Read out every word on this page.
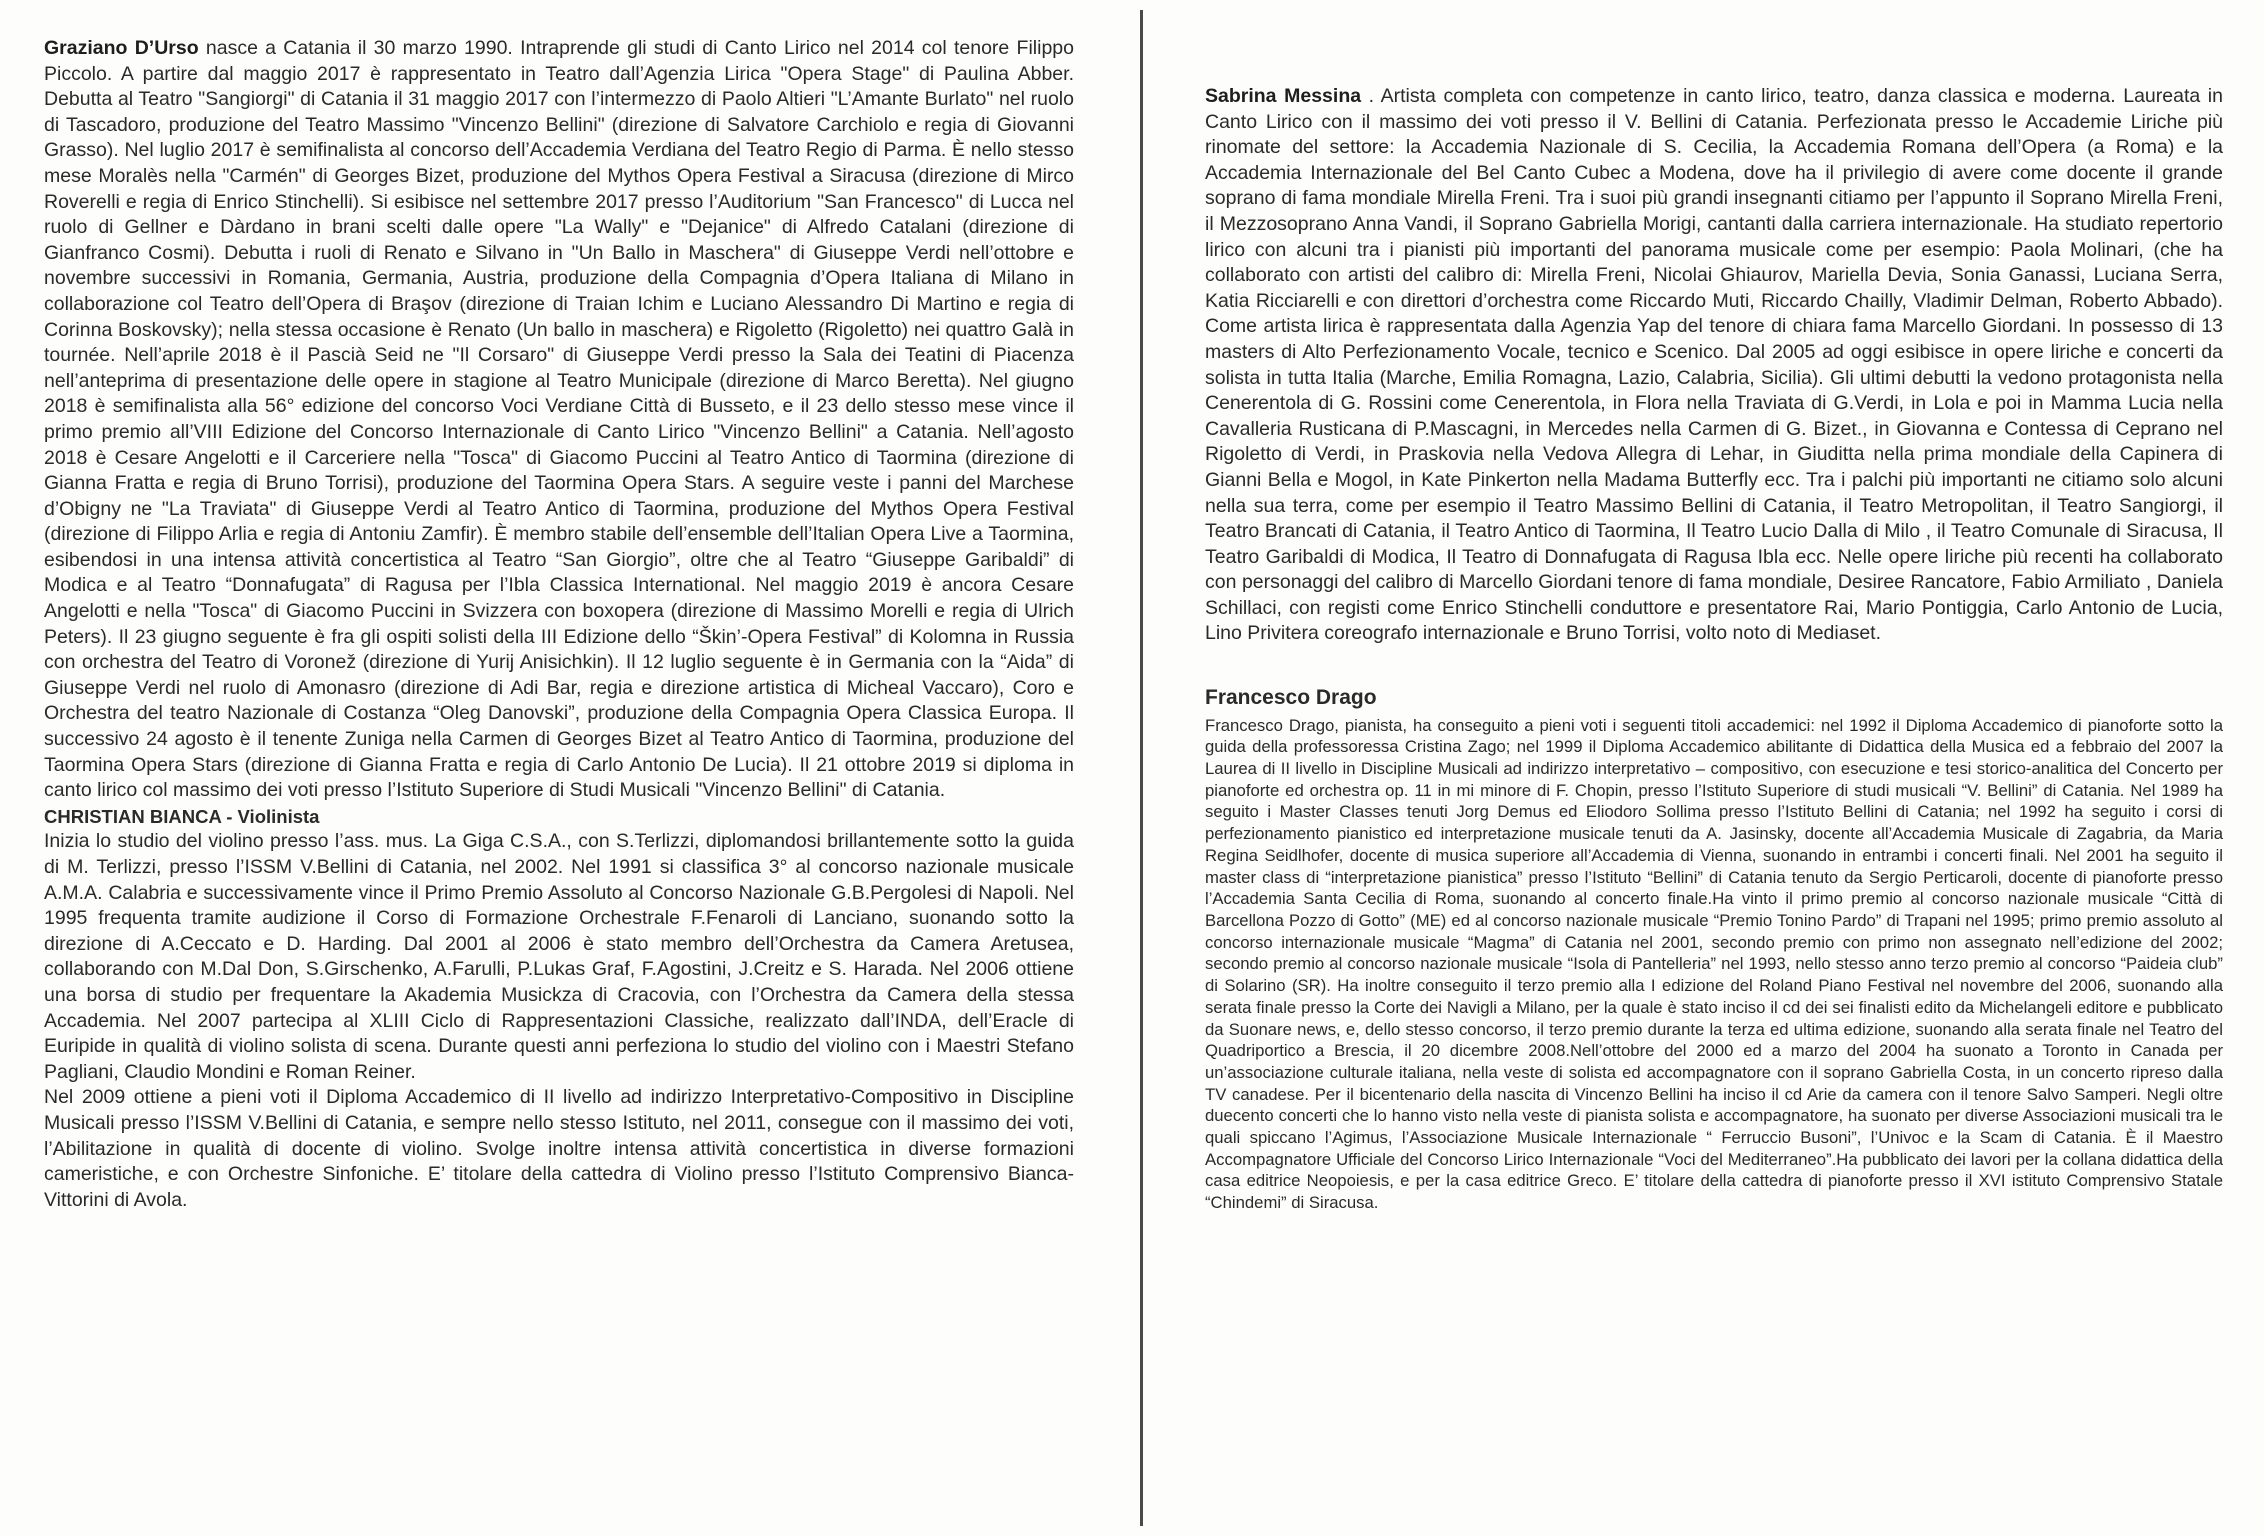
Graziano D’Urso nasce a Catania il 30 marzo 1990. Intraprende gli studi di Canto Lirico nel 2014 col tenore Filippo Piccolo. A partire dal maggio 2017 è rappresentato in Teatro dall’Agenzia Lirica "Opera Stage" di Paulina Abber. Debutta al Teatro "Sangiorgi" di Catania il 31 maggio 2017 con l’intermezzo di Paolo Altieri "L’Amante Burlato" nel ruolo di Tascadoro, produzione del Teatro Massimo "Vincenzo Bellini" (direzione di Salvatore Carchiolo e regia di Giovanni Grasso). Nel luglio 2017 è semifinalista al concorso dell’Accademia Verdiana del Teatro Regio di Parma. È nello stesso mese Moralès nella "Carmén" di Georges Bizet, produzione del Mythos Opera Festival a Siracusa (direzione di Mirco Roverelli e regia di Enrico Stinchelli). Si esibisce nel settembre 2017 presso l’Auditorium "San Francesco" di Lucca nel ruolo di Gellner e Dàrdano in brani scelti dalle opere "La Wally" e "Dejanice" di Alfredo Catalani (direzione di Gianfranco Cosmi). Debutta i ruoli di Renato e Silvano in "Un Ballo in Maschera" di Giuseppe Verdi nell’ottobre e novembre successivi in Romania, Germania, Austria, produzione della Compagnia d’Opera Italiana di Milano in collaborazione col Teatro dell’Opera di Braşov (direzione di Traian Ichim e Luciano Alessandro Di Martino e regia di Corinna Boskovsky); nella stessa occasione è Renato (Un ballo in maschera) e Rigoletto (Rigoletto) nei quattro Galà in tournée. Nell’aprile 2018 è il Pascià Seid ne "Il Corsaro" di Giuseppe Verdi presso la Sala dei Teatini di Piacenza nell’anteprima di presentazione delle opere in stagione al Teatro Municipale (direzione di Marco Beretta). Nel giugno 2018 è semifinalista alla 56° edizione del concorso Voci Verdiane Città di Busseto, e il 23 dello stesso mese vince il primo premio all’VIII Edizione del Concorso Internazionale di Canto Lirico "Vincenzo Bellini" a Catania. Nell’agosto 2018 è Cesare Angelotti e il Carceriere nella "Tosca" di Giacomo Puccini al Teatro Antico di Taormina (direzione di Gianna Fratta e regia di Bruno Torrisi), produzione del Taormina Opera Stars. A seguire veste i panni del Marchese d’Obigny ne "La Traviata" di Giuseppe Verdi al Teatro Antico di Taormina, produzione del Mythos Opera Festival (direzione di Filippo Arlia e regia di Antoniu Zamfir). È membro stabile dell’ensemble dell’Italian Opera Live a Taormina, esibendosi in una intensa attività concertistica al Teatro “San Giorgio”, oltre che al Teatro “Giuseppe Garibaldi” di Modica e al Teatro “Donnafugata” di Ragusa per l’Ibla Classica International. Nel maggio 2019 è ancora Cesare Angelotti e nella "Tosca" di Giacomo Puccini in Svizzera con boxopera (direzione di Massimo Morelli e regia di Ulrich Peters). Il 23 giugno seguente è fra gli ospiti solisti della III Edizione dello “Škin’-Opera Festival” di Kolomna in Russia con orchestra del Teatro di Voronež (direzione di Yurij Anisichkin). Il 12 luglio seguente è in Germania con la “Aida” di Giuseppe Verdi nel ruolo di Amonasro (direzione di Adi Bar, regia e direzione artistica di Micheal Vaccaro), Coro e Orchestra del teatro Nazionale di Costanza “Oleg Danovski”, produzione della Compagnia Opera Classica Europa. Il successivo 24 agosto è il tenente Zuniga nella Carmen di Georges Bizet al Teatro Antico di Taormina, produzione del Taormina Opera Stars (direzione di Gianna Fratta e regia di Carlo Antonio De Lucia). Il 21 ottobre 2019 si diploma in canto lirico col massimo dei voti presso l’Istituto Superiore di Studi Musicali "Vincenzo Bellini" di Catania.

CHRISTIAN BIANCA - Violinista

Inizia lo studio del violino presso l’ass. mus. La Giga C.S.A., con S.Terlizzi, diplomandosi brillantemente sotto la guida di M. Terlizzi, presso l’ISSM V.Bellini di Catania, nel 2002. Nel 1991 si classifica 3° al concorso nazionale musicale A.M.A. Calabria e successivamente vince il Primo Premio Assoluto al Concorso Nazionale G.B.Pergolesi di Napoli. Nel 1995 frequenta tramite audizione il Corso di Formazione Orchestrale F.Fenaroli di Lanciano, suonando sotto la direzione di A.Ceccato e D. Harding. Dal 2001 al 2006 è stato membro dell’Orchestra da Camera Aretusea, collaborando con M.Dal Don, S.Girschenko, A.Farulli, P.Lukas Graf, F.Agostini, J.Creitz e S. Harada. Nel 2006 ottiene una borsa di studio per frequentare la Akademia Musickza di Cracovia, con l’Orchestra da Camera della stessa Accademia. Nel 2007 partecipa al XLIII Ciclo di Rappresentazioni Classiche, realizzato dall’INDA, dell’Eracle di Euripide in qualità di violino solista di scena. Durante questi anni perfeziona lo studio del violino con i Maestri Stefano Pagliani, Claudio Mondini e Roman Reiner.

Nel 2009 ottiene a pieni voti il Diploma Accademico di II livello ad indirizzo Interpretativo-Compositivo in Discipline Musicali presso l’ISSM V.Bellini di Catania, e sempre nello stesso Istituto, nel 2011, consegue con il massimo dei voti, l’Abilitazione in qualità di docente di violino. Svolge inoltre intensa attività concertistica in diverse formazioni cameristiche, e con Orchestre Sinfoniche. E’ titolare della cattedra di Violino presso l’Istituto Comprensivo Bianca-Vittorini di Avola.

Sabrina Messina . Artista completa con competenze in canto lirico, teatro, danza classica e moderna. Laureata in Canto Lirico con il massimo dei voti presso il V. Bellini di Catania. Perfezionata presso le Accademie Liriche più rinomate del settore: la Accademia Nazionale di S. Cecilia, la Accademia Romana dell’Opera (a Roma) e la Accademia Internazionale del Bel Canto Cubec a Modena, dove ha il privilegio di avere come docente il grande soprano di fama mondiale Mirella Freni. Tra i suoi più grandi insegnanti citiamo per l’appunto il Soprano Mirella Freni, il Mezzosoprano Anna Vandi, il Soprano Gabriella Morigi, cantanti dalla carriera internazionale. Ha studiato repertorio lirico con alcuni tra i pianisti più importanti del panorama musicale come per esempio: Paola Molinari, (che ha collaborato con artisti del calibro di: Mirella Freni, Nicolai Ghiaurov, Mariella Devia, Sonia Ganassi, Luciana Serra, Katia Ricciarelli e con direttori d’orchestra come Riccardo Muti, Riccardo Chailly, Vladimir Delman, Roberto Abbado). Come artista lirica è rappresentata dalla Agenzia Yap del tenore di chiara fama Marcello Giordani. In possesso di 13 masters di Alto Perfezionamento Vocale, tecnico e Scenico. Dal 2005 ad oggi esibisce in opere liriche e concerti da solista in tutta Italia (Marche, Emilia Romagna, Lazio, Calabria, Sicilia). Gli ultimi debutti la vedono protagonista nella Cenerentola di G. Rossini come Cenerentola, in Flora nella Traviata di G.Verdi, in Lola e poi in Mamma Lucia nella Cavalleria Rusticana di P.Mascagni, in Mercedes nella Carmen di G. Bizet., in Giovanna e Contessa di Ceprano nel Rigoletto di Verdi, in Praskovia nella Vedova Allegra di Lehar, in Giuditta nella prima mondiale della Capinera di Gianni Bella e Mogol, in Kate Pinkerton nella Madama Butterfly ecc. Tra i palchi più importanti ne citiamo solo alcuni nella sua terra, come per esempio il Teatro Massimo Bellini di Catania, il Teatro Metropolitan, il Teatro Sangiorgi, il Teatro Brancati di Catania, il Teatro Antico di Taormina, Il Teatro Lucio Dalla di Milo , il Teatro Comunale di Siracusa, Il Teatro Garibaldi di Modica, Il Teatro di Donnafugata di Ragusa Ibla ecc. Nelle opere liriche più recenti ha collaborato con personaggi del calibro di Marcello Giordani tenore di fama mondiale, Desiree Rancatore, Fabio Armiliato , Daniela Schillaci, con registi come Enrico Stinchelli conduttore e presentatore Rai, Mario Pontiggia, Carlo Antonio de Lucia, Lino Privitera coreografo internazionale e Bruno Torrisi, volto noto di Mediaset.

Francesco Drago

Francesco Drago, pianista, ha conseguito a pieni voti i seguenti titoli accademici: nel 1992 il Diploma Accademico di pianoforte sotto la guida della professoressa Cristina Zago; nel 1999 il Diploma Accademico abilitante di Didattica della Musica ed a febbraio del 2007 la Laurea di II livello in Discipline Musicali ad indirizzo interpretativo – compositivo, con esecuzione e tesi storico-analitica del Concerto per pianoforte ed orchestra op. 11 in mi minore di F. Chopin, presso l’Istituto Superiore di studi musicali “V. Bellini” di Catania. Nel 1989 ha seguito i Master Classes tenuti Jorg Demus ed Eliodoro Sollima presso l’Istituto Bellini di Catania; nel 1992 ha seguito i corsi di perfezionamento pianistico ed interpretazione musicale tenuti da A. Jasinsky, docente all’Accademia Musicale di Zagabria, da Maria Regina Seidlhofer, docente di musica superiore all’Accademia di Vienna, suonando in entrambi i concerti finali. Nel 2001 ha seguito il master class di “interpretazione pianistica” presso l’Istituto “Bellini” di Catania tenuto da Sergio Perticaroli, docente di pianoforte presso l’Accademia Santa Cecilia di Roma, suonando al concerto finale.Ha vinto il primo premio al concorso nazionale musicale “Città di Barcellona Pozzo di Gotto” (ME) ed al concorso nazionale musicale “Premio Tonino Pardo” di Trapani nel 1995; primo premio assoluto al concorso internazionale musicale “Magma” di Catania nel 2001, secondo premio con primo non assegnato nell’edizione del 2002; secondo premio al concorso nazionale musicale “Isola di Pantelleria” nel 1993, nello stesso anno terzo premio al concorso “Paideia club” di Solarino (SR). Ha inoltre conseguito il terzo premio alla I edizione del Roland Piano Festival nel novembre del 2006, suonando alla serata finale presso la Corte dei Navigli a Milano, per la quale è stato inciso il cd dei sei finalisti edito da Michelangeli editore e pubblicato da Suonare news, e, dello stesso concorso, il terzo premio durante la terza ed ultima edizione, suonando alla serata finale nel Teatro del Quadriportico a Brescia, il 20 dicembre 2008.Nell’ottobre del 2000 ed a marzo del 2004 ha suonato a Toronto in Canada per un’associazione culturale italiana, nella veste di solista ed accompagnatore con il soprano Gabriella Costa, in un concerto ripreso dalla TV canadese. Per il bicentenario della nascita di Vincenzo Bellini ha inciso il cd Arie da camera con il tenore Salvo Samperi. Negli oltre duecento concerti che lo hanno visto nella veste di pianista solista e accompagnatore, ha suonato per diverse Associazioni musicali tra le quali spiccano l’Agimus, l’Associazione Musicale Internazionale “ Ferruccio Busoni”, l’Univoc e la Scam di Catania. È il Maestro Accompagnatore Ufficiale del Concorso Lirico Internazionale “Voci del Mediterraneo”.Ha pubblicato dei lavori per la collana didattica della casa editrice Neopoiesis, e per la casa editrice Greco. E’ titolare della cattedra di pianoforte presso il XVI istituto Comprensivo Statale “Chindemi” di Siracusa.
